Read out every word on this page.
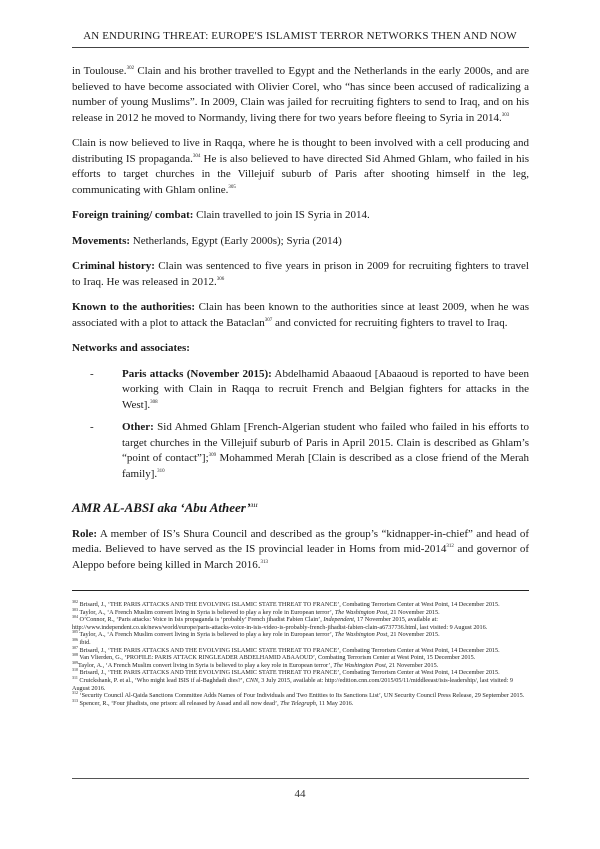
AN ENDURING THREAT: EUROPE'S ISLAMIST TERROR NETWORKS THEN AND NOW

in Toulouse.$^{302}$ Clain and his brother travelled to Egypt and the Netherlands in the early 2000s, and are believed to have become associated with Olivier Corel, who “has since been accused of radicalizing a number of young Muslims”. In 2009, Clain was jailed for recruiting fighters to send to Iraq, and on his release in 2012 he moved to Normandy, living there for two years before fleeing to Syria in 2014.$^{303}$

Clain is now believed to live in Raqqa, where he is thought to been involved with a cell producing and distributing IS propaganda.$^{304}$ He is also believed to have directed Sid Ahmed Ghlam, who failed in his efforts to target churches in the Villejuif suburb of Paris after shooting himself in the leg, communicating with Ghlam online.$^{305}$

Foreign training/ combat: Clain travelled to join IS Syria in 2014.

Movements: Netherlands, Egypt (Early 2000s); Syria (2014)

Criminal history: Clain was sentenced to five years in prison in 2009 for recruiting fighters to travel to Iraq. He was released in 2012.$^{306}$

Known to the authorities: Clain has been known to the authorities since at least 2009, when he was associated with a plot to attack the Bataclan$^{307}$ and convicted for recruiting fighters to travel to Iraq.

Networks and associates:

-	Paris attacks (November 2015): Abdelhamid Abaaoud [Abaaoud is reported to have been working with Clain in Raqqa to recruit French and Belgian fighters for attacks in the West].$^{308}$
-	Other: Sid Ahmed Ghlam [French-Algerian student who failed who failed in his efforts to target churches in the Villejuif suburb of Paris in April 2015. Clain is described as Ghlam’s “point of contact”];$^{309}$ Mohammed Merah [Clain is described as a close friend of the Merah family].$^{310}$
AMR AL-ABSI aka ‘Abu Atheer’$^{311}$

Role: A member of IS’s Shura Council and described as the group’s “kidnapper-in-chief” and head of media. Believed to have served as the IS provincial leader in Homs from mid-2014$^{312}$ and governor of Aleppo before being killed in March 2016.$^{313}$

$^{302}$ Brisard, J., ‘THE PARIS ATTACKS AND THE EVOLVING ISLAMIC STATE THREAT TO FRANCE’, Combating Terrorism Center at West Point, 14 December 2015.
$^{303}$ Taylor, A., ‘A French Muslim convert living in Syria is believed to play a key role in European terror’, The Washington Post, 21 November 2015.
$^{304}$ O’Connor, R., ‘Paris attacks: Voice in Isis propaganda is ‘probably’ French jihadist Fabien Clain’, Independent, 17 November 2015, available at: http://www.independent.co.uk/news/world/europe/paris-attacks-voice-in-isis-video-is-probably-french-jihadist-fabien-clain-a6737736.html, last visited: 9 August 2016.
$^{305}$ Taylor, A., ‘A French Muslim convert living in Syria is believed to play a key role in European terror’, The Washington Post, 21 November 2015.
$^{306}$ ibid.
$^{307}$ Brisard, J., ‘THE PARIS ATTACKS AND THE EVOLVING ISLAMIC STATE THREAT TO FRANCE’, Combating Terrorism Center at West Point, 14 December 2015.
$^{308}$ Van Vlierden, G., ‘PROFILE: PARIS ATTACK RINGLEADER ABDELHAMID ABAAOUD’, Combating Terrorism Center at West Point, 15 December 2015.
$^{309}$Taylor, A., ‘A French Muslim convert living in Syria is believed to play a key role in European terror’, The Washington Post, 21 November 2015.
$^{310}$ Brisard, J., ‘THE PARIS ATTACKS AND THE EVOLVING ISLAMIC STATE THREAT TO FRANCE’, Combating Terrorism Center at West Point, 14 December 2015.
$^{311}$ Cruickshank, P. et al., ‘Who might lead ISIS if al-Baghdadi dies?’, CNN, 3 July 2015, available at: http://edition.cnn.com/2015/05/11/middleeast/isis-leadership/, last visited: 9 August 2016.
$^{312}$ ‘Security Council Al-Qaida Sanctions Committee Adds Names of Four Individuals and Two Entities to Its Sanctions List’, UN Security Council Press Release, 29 September 2015.
$^{313}$ Spencer, R., ‘Four jihadists, one prison: all released by Assad and all now dead’, The Telegraph, 11 May 2016.
44
